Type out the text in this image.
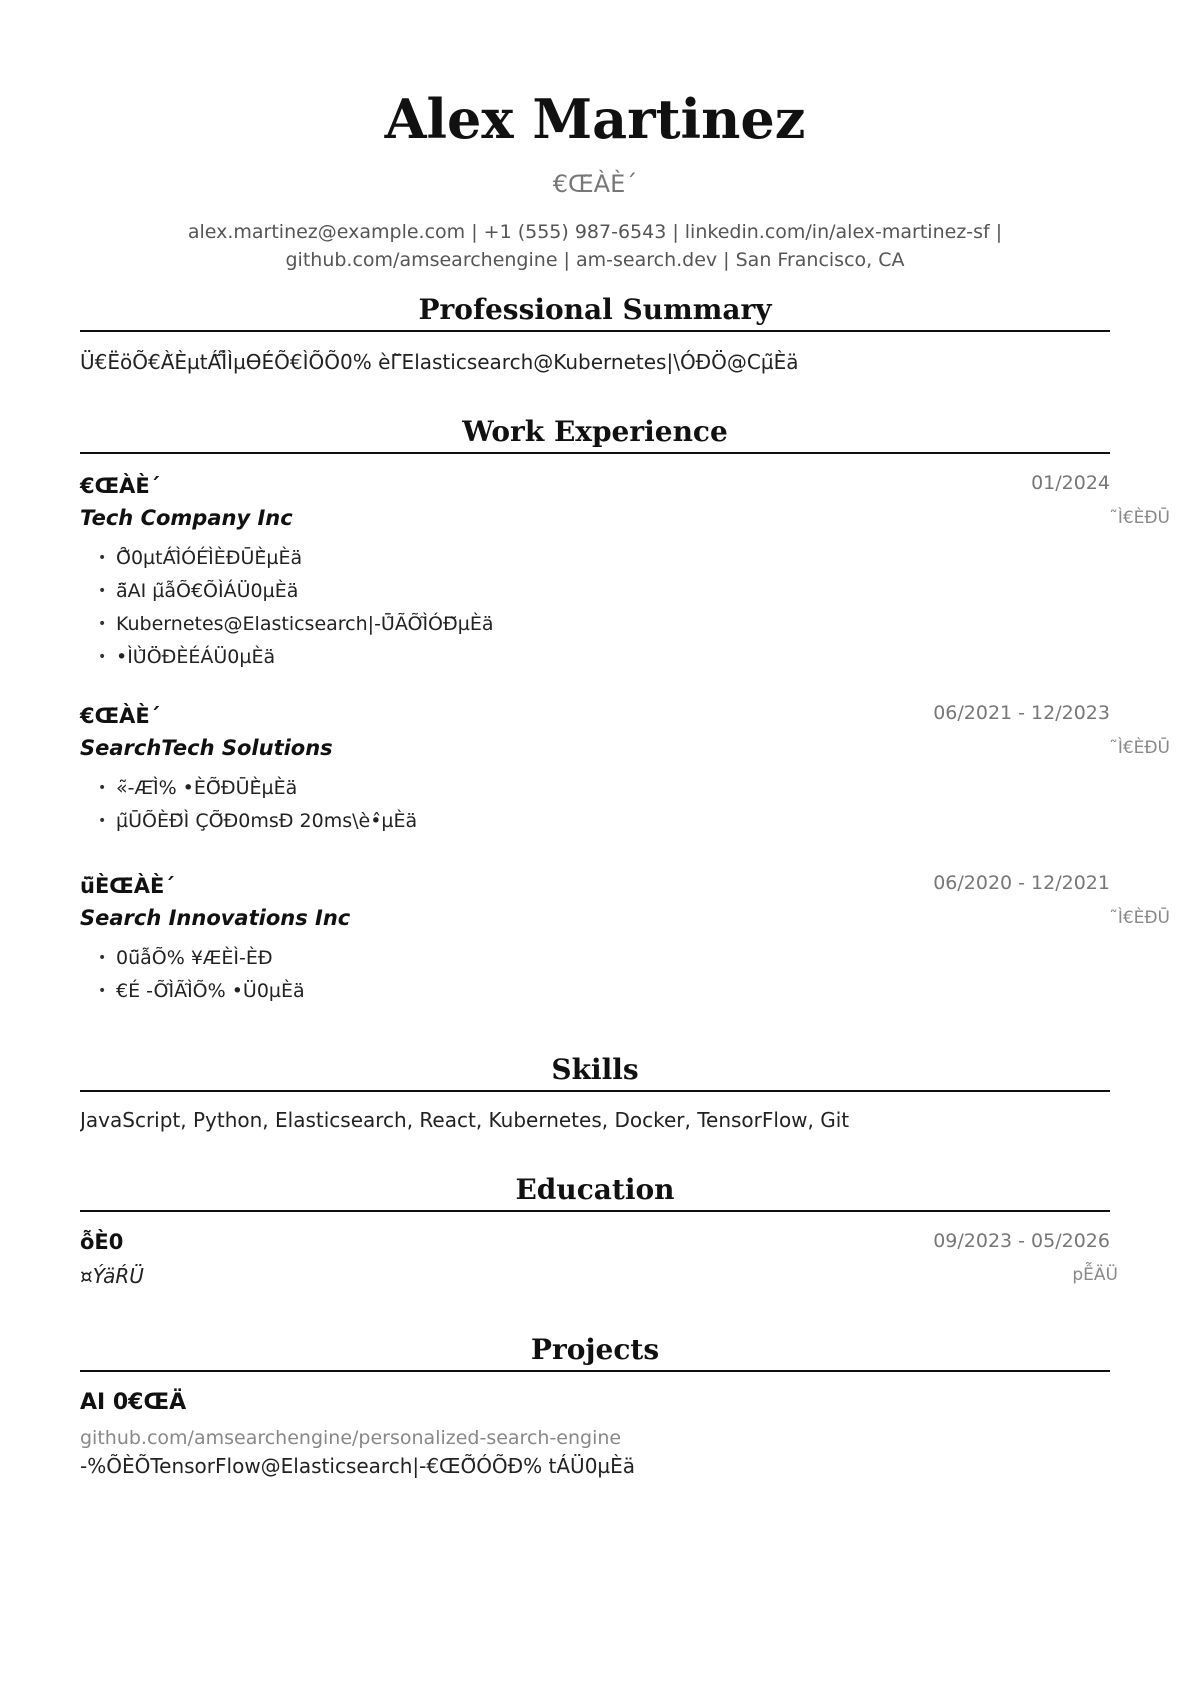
Alex Martinez
€Œ̃ÀÈ´
alex.martinez@example.com | +1 (555) 987-6543 | linkedin.com/in/alex-martinez-sf |
github.com/amsearchengine | am-search.dev | San Francisco, CA
Professional Summary
Ü€ËöÕ€À̃ÈµtÁ̃Ì̃̃ÌµƟÉÕ€ÌÕÕ0% èΓ̃Elasticsearch@Kubernetes|\ÓÐÖ@Cµ̃Èä
Work Experience
€Œ̃ÀÈ´	01/2024
Tech Company Inc	˜Ì€ÈÐŪ
• Ȏ̃0µtÁ̃Ì̃ÓÉÌ̃ÈÐŪÈ̂µÈä
• ä̃AI µ̃ẫÕ€ÕÌÁÜ0µÈä
• Kubernetes@Elasticsearch|-Ū̃ÃÕÌ̃ÓÐ̃µÈä
• •ÌÙ̃ÖÐÈÉÁÜ0µÈä
€Œ̃ÀÈ´	06/2021 - 12/2023
SearchTech Solutions	˜Ì€ÈÐŪ
• «̃-ÆÌ̃% •ÈÕ̃ÐŪÈ̂µÈä
• µ̃ŪÕÈÐ̃Ì ÇÕ̃Ð0msÐ 20ms\è•̂µÈä
ü̃ÈŒ̃ÀÈ´	06/2020 - 12/2021
Search Innovations Inc	˜Ì€ÈÐŪ
• 0ü̃ẫÕ% ¥ÆÈÌ-ÈÐ
• €É -ÕÌ̃ÃÌ̃Õ% •Ü0µÈä
Skills
JavaScript, Python, Elasticsearch, React, Kubernetes, Docker, TensorFlow, Git
Education
ỗÈ0	09/2023 - 05/2026
¤ÝäŔÜ	pỄÄÜ
Projects
AI 0€ŒÄ
github.com/amsearchengine/personalized-search-engine
-%ÕÈÕTensorFlow@Elasticsearch|-€ŒÕ̃ÓÕÐ% tÁÜ0µÈä
